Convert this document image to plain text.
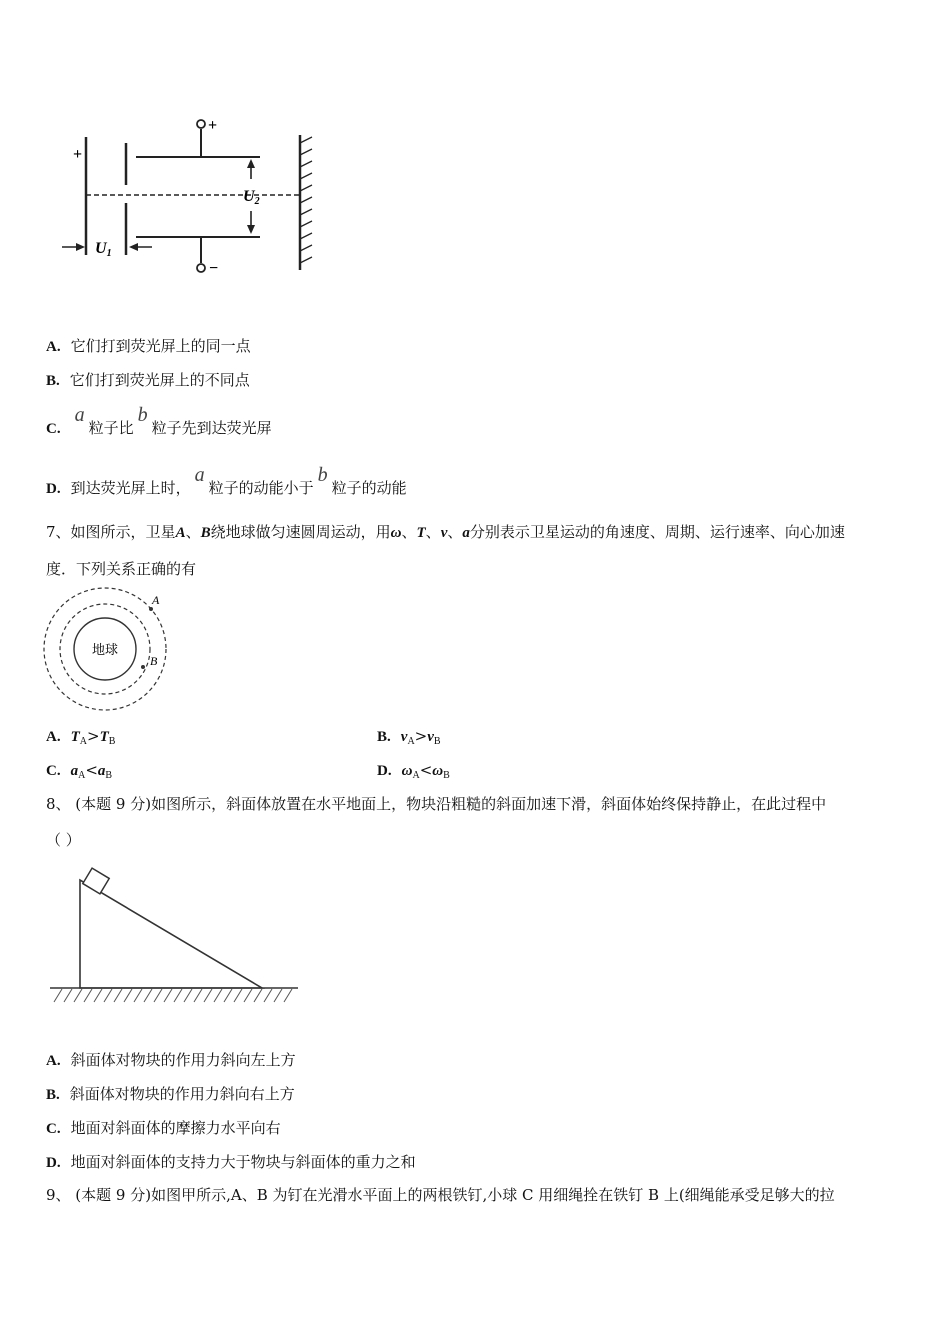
+
+
−
U2
U1
A. 它们打到荧光屏上的同一点
B. 它们打到荧光屏上的不同点
C.a粒子比b粒子先到达荧光屏
D. 到达荧光屏上时，a粒子的动能小于b粒子的动能
7、如图所示，卫星A、B绕地球做匀速圆周运动，用ω、T、v、a分别表示卫星运动的角速度、周期、运行速率、向心加速
度．下列关系正确的有
地球
A
B
A. $T_A>T_B$	B. $v_A>v_B$
C. $a_A<a_B$	D. $\omega_A<\omega_B$
8、 (本题 9 分)如图所示，斜面体放置在水平地面上，物块沿粗糙的斜面加速下滑，斜面体始终保持静止，在此过程中
（ ）
A. 斜面体对物块的作用力斜向左上方
B. 斜面体对物块的作用力斜向右上方
C. 地面对斜面体的摩擦力水平向右
D. 地面对斜面体的支持力大于物块与斜面体的重力之和
9、 (本题 9 分)如图甲所示,A、B 为钉在光滑水平面上的两根铁钉,小球 C 用细绳拴在铁钉 B 上(细绳能承受足够大的拉
